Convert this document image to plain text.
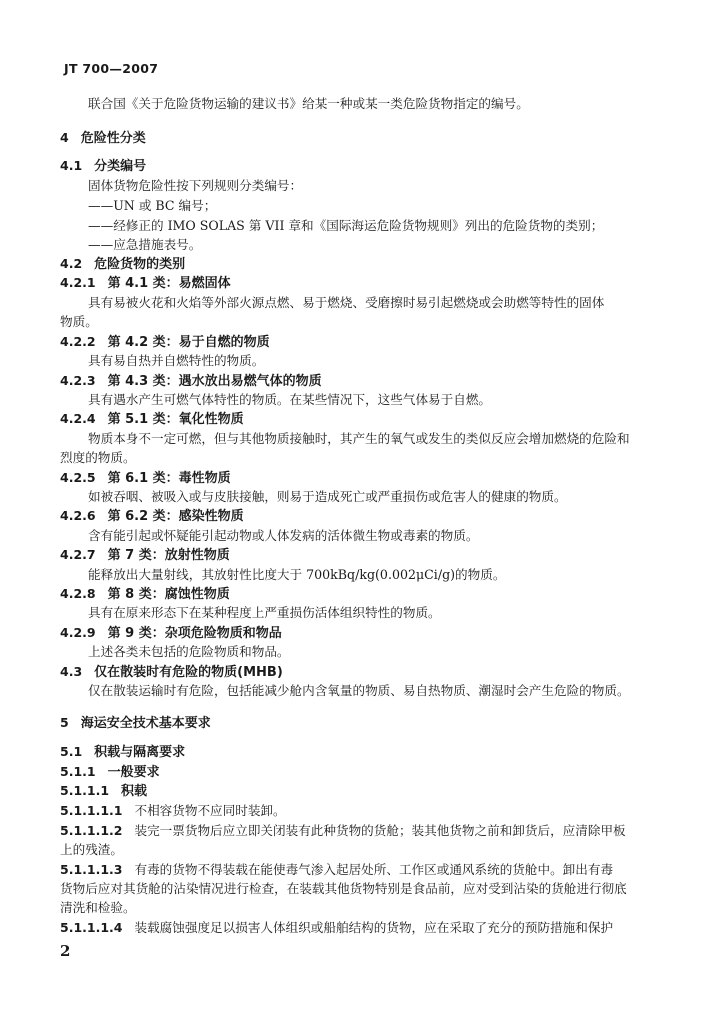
JT 700—2007
联合国《关于危险货物运输的建议书》给某一种或某一类危险货物指定的编号。
4 危险性分类
4.1 分类编号
固体货物危险性按下列规则分类编号：
——UN 或 BC 编号；
——经修正的 IMO SOLAS 第 VII 章和《国际海运危险货物规则》列出的危险货物的类别；
——应急措施表号。
4.2 危险货物的类别
4.2.1 第 4.1 类：易燃固体
具有易被火花和火焰等外部火源点燃、易于燃烧、受磨擦时易引起燃烧或会助燃等特性的固体
物质。
4.2.2 第 4.2 类：易于自燃的物质
具有易自热并自燃特性的物质。
4.2.3 第 4.3 类：遇水放出易燃气体的物质
具有遇水产生可燃气体特性的物质。在某些情况下，这些气体易于自燃。
4.2.4 第 5.1 类：氧化性物质
物质本身不一定可燃，但与其他物质接触时，其产生的氧气或发生的类似反应会增加燃烧的危险和
烈度的物质。
4.2.5 第 6.1 类：毒性物质
如被吞咽、被吸入或与皮肤接触，则易于造成死亡或严重损伤或危害人的健康的物质。
4.2.6 第 6.2 类：感染性物质
含有能引起或怀疑能引起动物或人体发病的活体微生物或毒素的物质。
4.2.7 第 7 类：放射性物质
能释放出大量射线，其放射性比度大于 700kBq/kg(0.002μCi/g)的物质。
4.2.8 第 8 类：腐蚀性物质
具有在原来形态下在某种程度上严重损伤活体组织特性的物质。
4.2.9 第 9 类：杂项危险物质和物品
上述各类未包括的危险物质和物品。
4.3 仅在散装时有危险的物质(MHB)
仅在散装运输时有危险，包括能减少舱内含氧量的物质、易自热物质、潮湿时会产生危险的物质。
5 海运安全技术基本要求
5.1 积载与隔离要求
5.1.1 一般要求
5.1.1.1 积载
5.1.1.1.1 不相容货物不应同时装卸。
5.1.1.1.2 装完一票货物后应立即关闭装有此种货物的货舱；装其他货物之前和卸货后，应清除甲板
上的残渣。
5.1.1.1.3 有毒的货物不得装载在能使毒气渗入起居处所、工作区或通风系统的货舱中。卸出有毒
货物后应对其货舱的沾染情况进行检查，在装载其他货物特别是食品前，应对受到沾染的货舱进行彻底
清洗和检验。
5.1.1.1.4 装载腐蚀强度足以损害人体组织或船舶结构的货物，应在采取了充分的预防措施和保护
2
